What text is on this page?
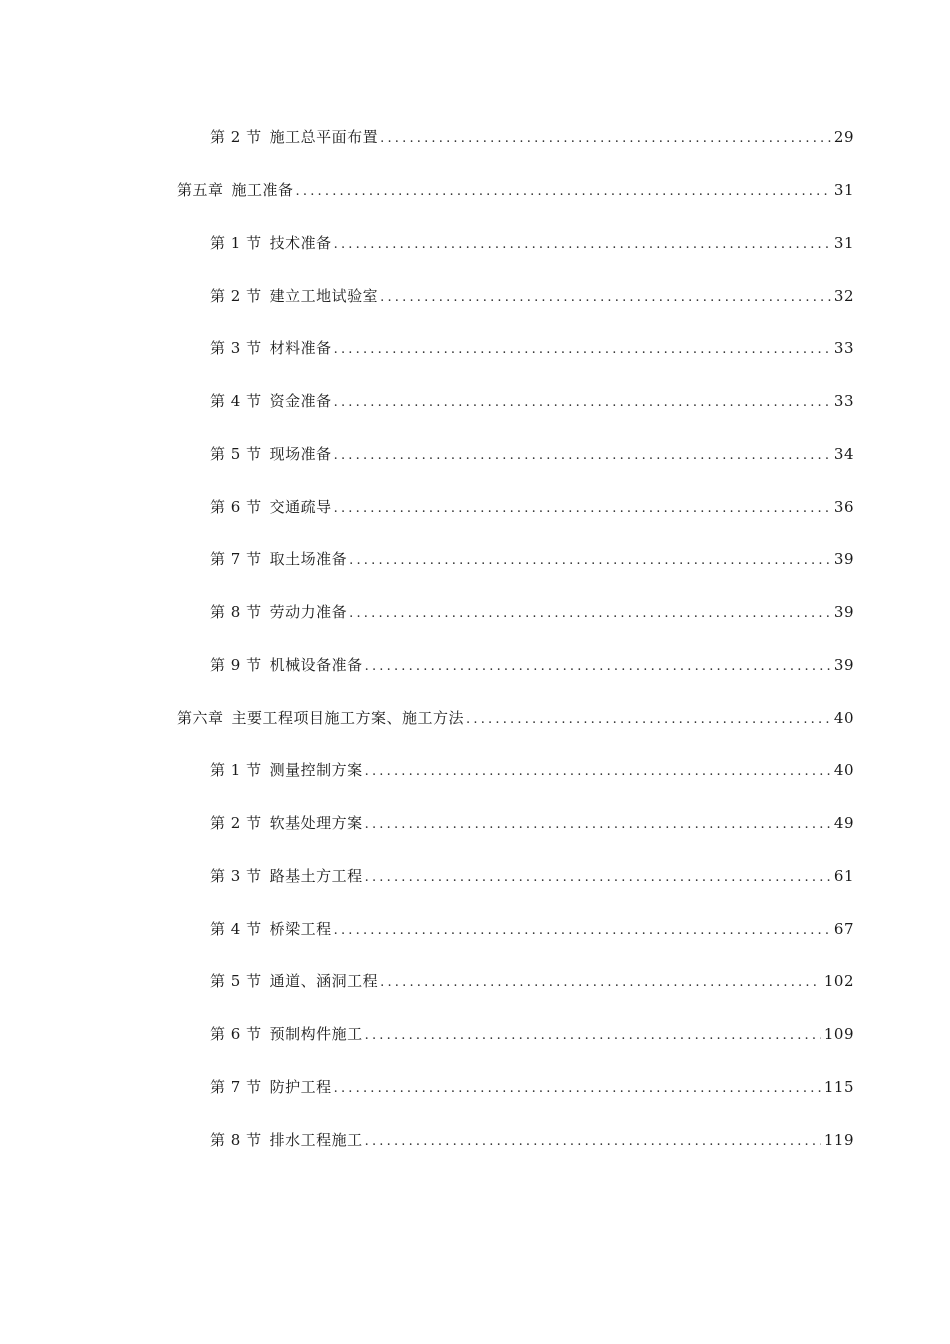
第 2 节 施工总平面布置 .....	29
第五章 施工准备 .....	31
第 1 节 技术准备 .....	31
第 2 节 建立工地试验室 .....	32
第 3 节 材料准备 .....	33
第 4 节 资金准备 .....	33
第 5 节 现场准备 .....	34
第 6 节 交通疏导 .....	36
第 7 节 取土场准备 .....	39
第 8 节 劳动力准备 .....	39
第 9 节 机械设备准备 .....	39
第六章 主要工程项目施工方案、施工方法 .....	40
第 1 节 测量控制方案 .....	40
第 2 节 软基处理方案 .....	49
第 3 节 路基土方工程 .....	61
第 4 节 桥梁工程 .....	67
第 5 节 通道、涵洞工程 .....	102
第 6 节 预制构件施工 .....	109
第 7 节 防护工程 .....	115
第 8 节 排水工程施工 .....	119
